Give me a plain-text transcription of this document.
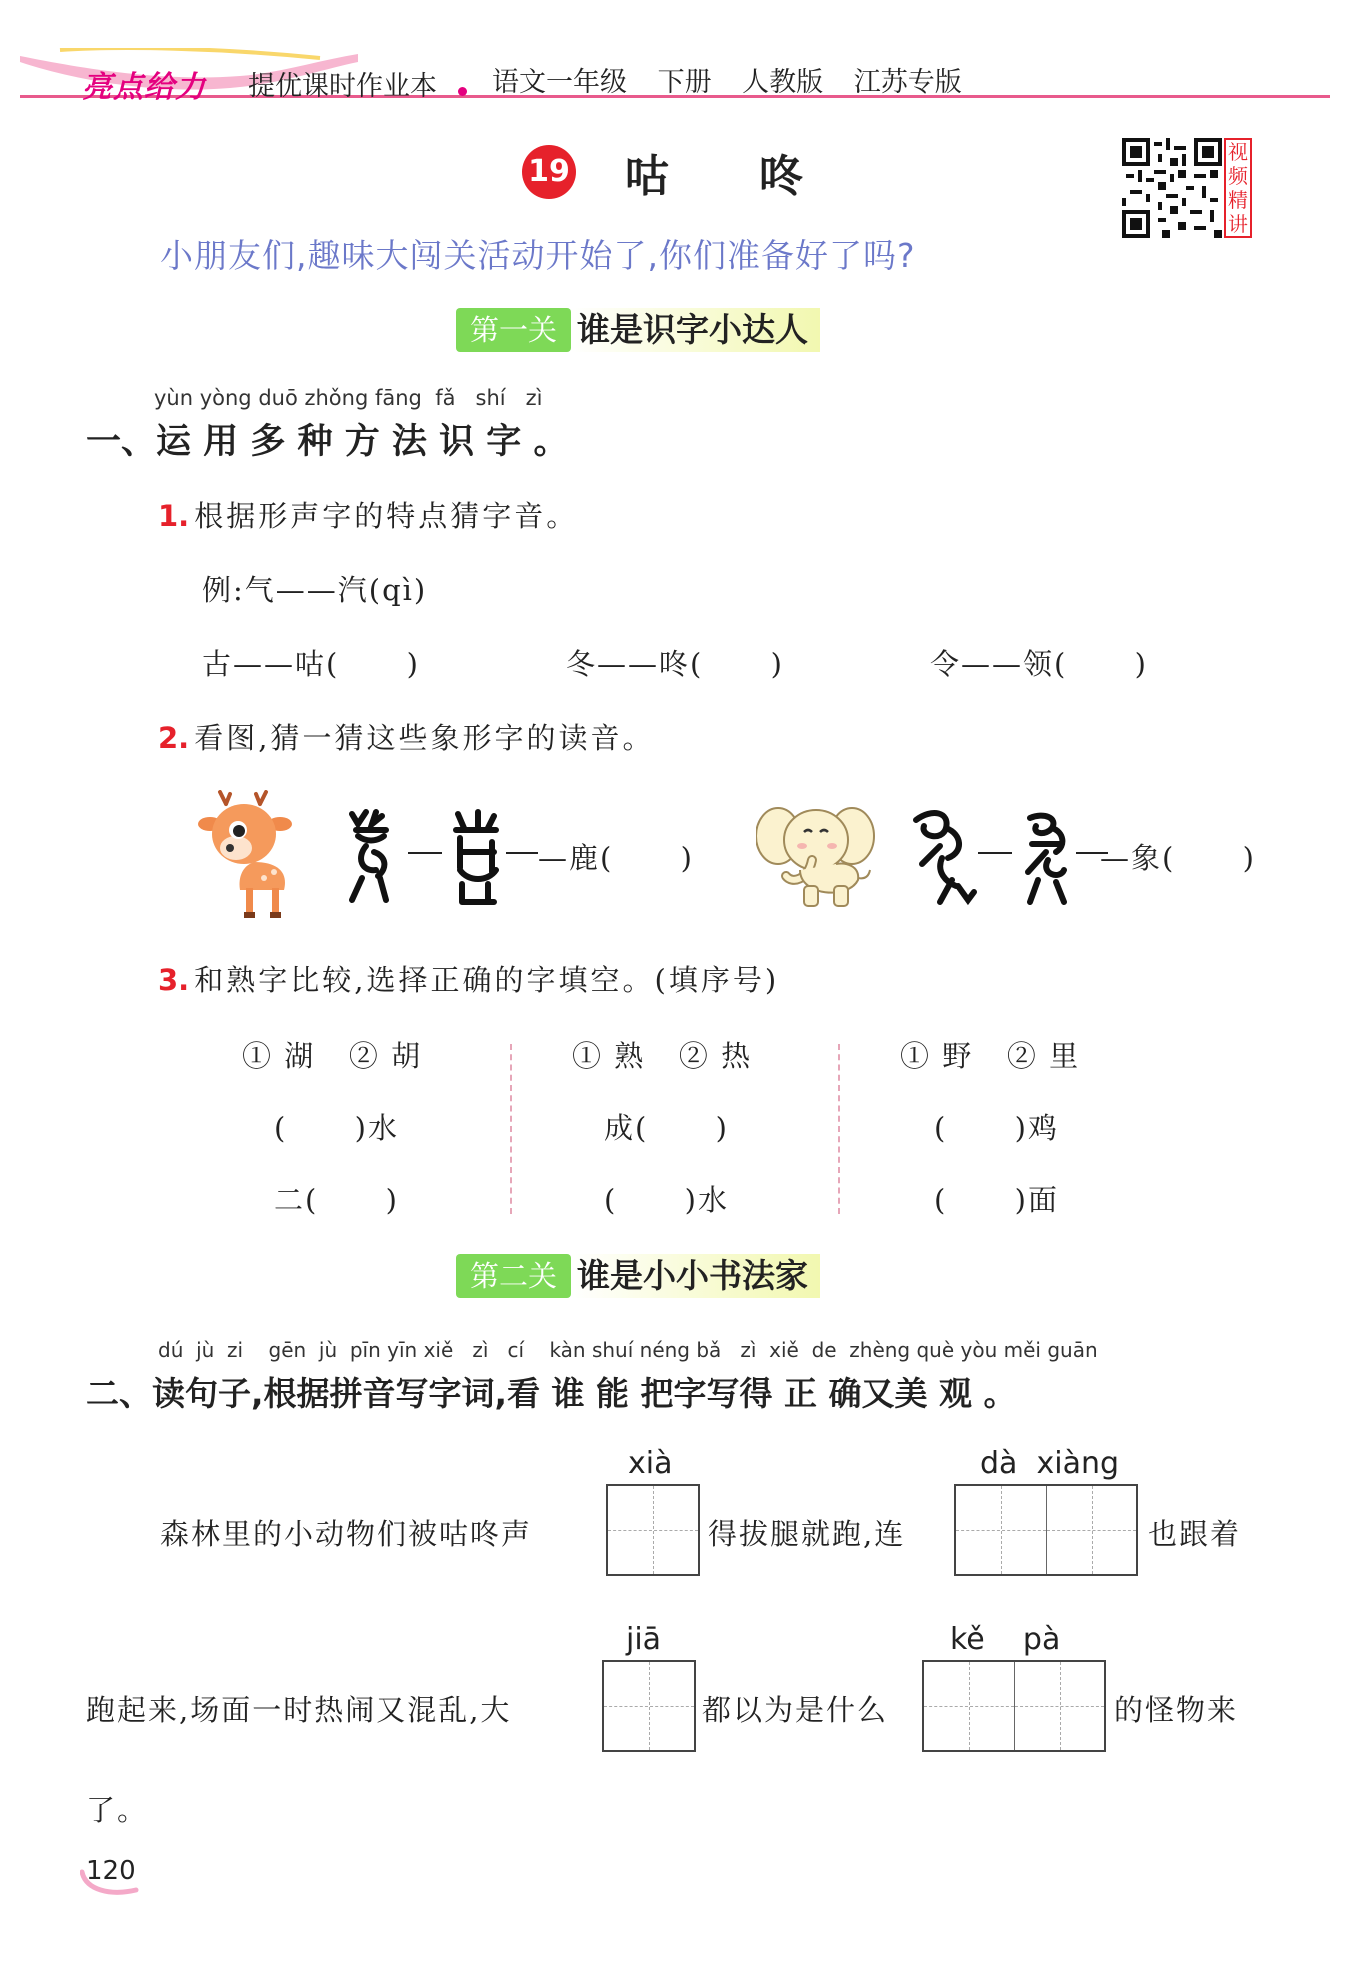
亮点给力 提优课时作业本 语文一年级 下册 人教版 江苏专版
19 咕咚	视频精讲
小朋友们,趣味大闯关活动开始了,你们准备好了吗?
第一关 谁是识字小达人
yùn yòng duō zhǒng fāng  fǎ   shí   zì
一、运 用 多 种 方 法 识 字 。
1. 根据形声字的特点猜字音。
例:气——汽(qì)
古——咕(      )	冬——咚(      )	令——领(      )
2. 看图,猜一猜这些象形字的读音。
—鹿(      )	—象(      )
3. 和熟字比较,选择正确的字填空。(填序号)
① 湖   ② 胡
(      )水
二(      )
① 熟   ② 热
成(      )
(      )水
① 野   ② 里
(      )鸡
(      )面
第二关 谁是小小书法家
dú  jù  zi    gēn  jù  pīn yīn xiě   zì   cí    kàn shuí néng bǎ   zì  xiě  de  zhèng què yòu měi guān
二、读句子,根据拼音写字词,看 谁 能 把字写得 正 确又美 观 。
森林里的小动物们被咕咚声
xià
得拔腿就跑,连
dà  xiàng
也跟着
跑起来,场面一时热闹又混乱,大
jiā
都以为是什么
kě    pà
的怪物来
了。
120
